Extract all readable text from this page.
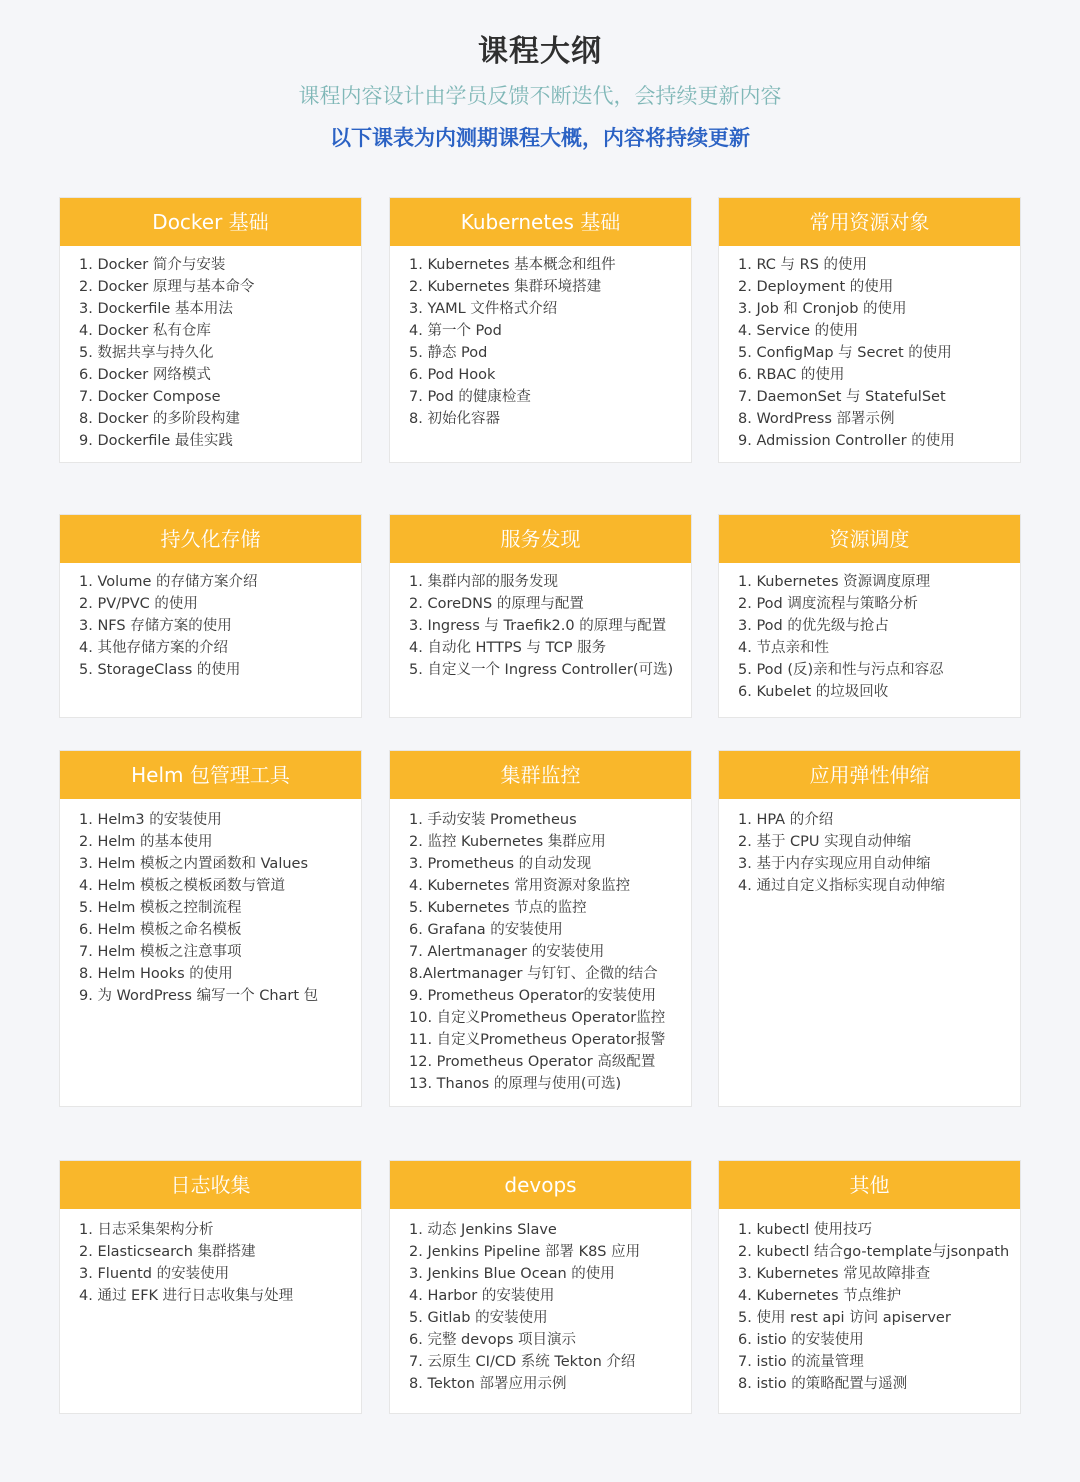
课程大纲
课程内容设计由学员反馈不断迭代，会持续更新内容
以下课表为内测期课程大概，内容将持续更新
Docker 基础
1. Docker 简介与安装
2. Docker 原理与基本命令
3. Dockerfile 基本用法
4. Docker 私有仓库
5. 数据共享与持久化
6. Docker 网络模式
7. Docker Compose
8. Docker 的多阶段构建
9. Dockerfile 最佳实践
Kubernetes 基础
1. Kubernetes 基本概念和组件
2. Kubernetes 集群环境搭建
3. YAML 文件格式介绍
4. 第一个 Pod
5. 静态 Pod
6. Pod Hook
7. Pod 的健康检查
8. 初始化容器
常用资源对象
1. RC 与 RS 的使用
2. Deployment 的使用
3. Job 和 Cronjob 的使用
4. Service 的使用
5. ConfigMap 与 Secret 的使用
6. RBAC 的使用
7. DaemonSet 与 StatefulSet
8. WordPress 部署示例
9. Admission Controller 的使用
持久化存储
1. Volume 的存储方案介绍
2. PV/PVC 的使用
3. NFS 存储方案的使用
4. 其他存储方案的介绍
5. StorageClass 的使用
服务发现
1. 集群内部的服务发现
2. CoreDNS 的原理与配置
3. Ingress 与 Traefik2.0 的原理与配置
4. 自动化 HTTPS 与 TCP 服务
5. 自定义一个 Ingress Controller(可选)
资源调度
1. Kubernetes 资源调度原理
2. Pod 调度流程与策略分析
3. Pod 的优先级与抢占
4. 节点亲和性
5. Pod (反)亲和性与污点和容忍
6. Kubelet 的垃圾回收
Helm 包管理工具
1. Helm3 的安装使用
2. Helm 的基本使用
3. Helm 模板之内置函数和 Values
4. Helm 模板之模板函数与管道
5. Helm 模板之控制流程
6. Helm 模板之命名模板
7. Helm 模板之注意事项
8. Helm Hooks 的使用
9. 为 WordPress 编写一个 Chart 包
集群监控
1. 手动安装 Prometheus
2. 监控 Kubernetes 集群应用
3. Prometheus 的自动发现
4. Kubernetes 常用资源对象监控
5. Kubernetes 节点的监控
6. Grafana 的安装使用
7. Alertmanager 的安装使用
8.Alertmanager 与钉钉、企微的结合
9. Prometheus Operator的安装使用
10. 自定义Prometheus Operator监控
11. 自定义Prometheus Operator报警
12. Prometheus Operator 高级配置
13. Thanos 的原理与使用(可选)
应用弹性伸缩
1. HPA 的介绍
2. 基于 CPU 实现自动伸缩
3. 基于内存实现应用自动伸缩
4. 通过自定义指标实现自动伸缩
日志收集
1. 日志采集架构分析
2. Elasticsearch 集群搭建
3. Fluentd 的安装使用
4. 通过 EFK 进行日志收集与处理
devops
1. 动态 Jenkins Slave
2. Jenkins Pipeline 部署 K8S 应用
3. Jenkins Blue Ocean 的使用
4. Harbor 的安装使用
5. Gitlab 的安装使用
6. 完整 devops 项目演示
7. 云原生 CI/CD 系统 Tekton 介绍
8. Tekton 部署应用示例
其他
1. kubectl 使用技巧
2. kubectl 结合go-template与jsonpath
3. Kubernetes 常见故障排查
4. Kubernetes 节点维护
5. 使用 rest api 访问 apiserver
6. istio 的安装使用
7. istio 的流量管理
8. istio 的策略配置与遥测
